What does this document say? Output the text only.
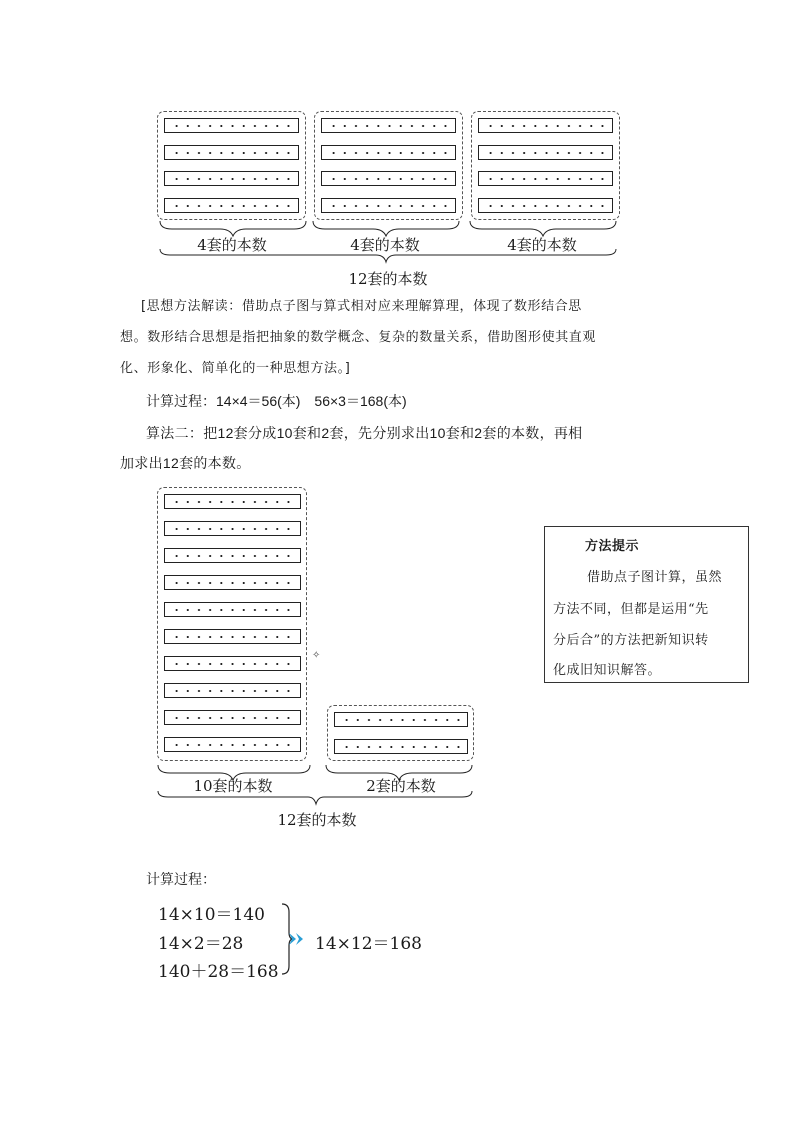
4套的本数	4套的本数	4套的本数
12套的本数
[思想方法解读：借助点子图与算式相对应来理解算理，体现了数形结合思
想。数形结合思想是指把抽象的数学概念、复杂的数量关系，借助图形使其直观
化、形象化、简单化的一种思想方法。]
计算过程：14×4＝56(本)　56×3＝168(本)
算法二：把12套分成10套和2套，先分别求出10套和2套的本数，再相
加求出12套的本数。
✧
10套的本数	2套的本数
12套的本数
方法提示
借助点子图计算，虽然
方法不同，但都是运用“先
分后合”的方法把新知识转
化成旧知识解答。
计算过程：
14×10＝140
14×2＝28
140＋28＝168
14×12＝168
